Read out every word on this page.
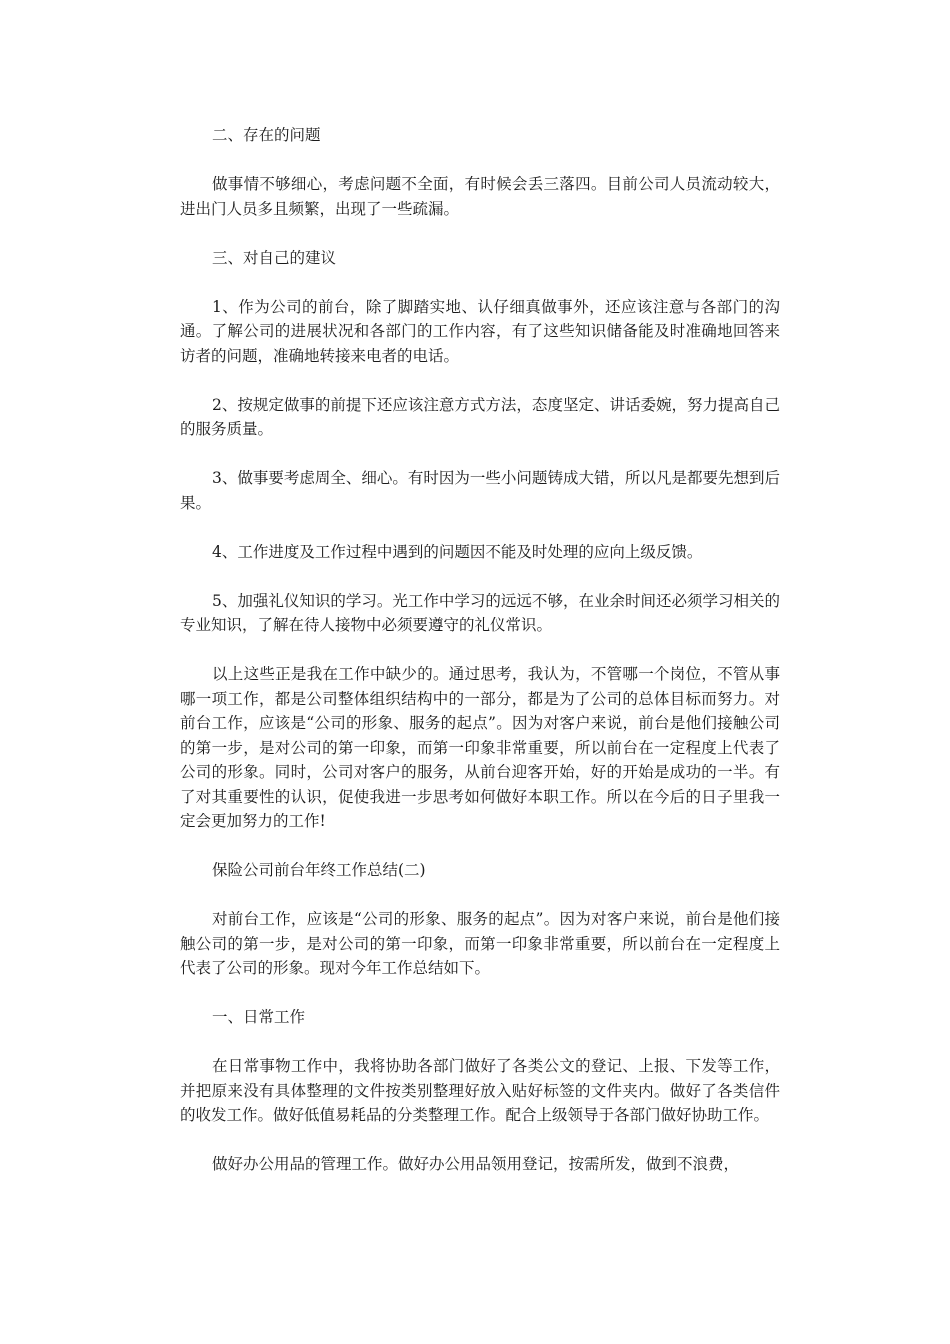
二、存在的问题

做事情不够细心，考虑问题不全面，有时候会丢三落四。目前公司人员流动较大，进出门人员多且频繁，出现了一些疏漏。

三、对自己的建议

1、作为公司的前台，除了脚踏实地、认仔细真做事外，还应该注意与各部门的沟通。了解公司的进展状况和各部门的工作内容，有了这些知识储备能及时准确地回答来访者的问题，准确地转接来电者的电话。

2、按规定做事的前提下还应该注意方式方法，态度坚定、讲话委婉，努力提高自己的服务质量。

3、做事要考虑周全、细心。有时因为一些小问题铸成大错，所以凡是都要先想到后果。

4、工作进度及工作过程中遇到的问题因不能及时处理的应向上级反馈。

5、加强礼仪知识的学习。光工作中学习的远远不够，在业余时间还必须学习相关的专业知识，了解在待人接物中必须要遵守的礼仪常识。

以上这些正是我在工作中缺少的。通过思考，我认为，不管哪一个岗位，不管从事哪一项工作，都是公司整体组织结构中的一部分，都是为了公司的总体目标而努力。对前台工作，应该是“公司的形象、服务的起点”。因为对客户来说，前台是他们接触公司的第一步，是对公司的第一印象，而第一印象非常重要，所以前台在一定程度上代表了公司的形象。同时，公司对客户的服务，从前台迎客开始，好的开始是成功的一半。有了对其重要性的认识，促使我进一步思考如何做好本职工作。所以在今后的日子里我一定会更加努力的工作!

保险公司前台年终工作总结(二)

对前台工作，应该是“公司的形象、服务的起点”。因为对客户来说，前台是他们接触公司的第一步，是对公司的第一印象，而第一印象非常重要，所以前台在一定程度上代表了公司的形象。现对今年工作总结如下。

一、日常工作

在日常事物工作中，我将协助各部门做好了各类公文的登记、上报、下发等工作，并把原来没有具体整理的文件按类别整理好放入贴好标签的文件夹内。做好了各类信件的收发工作。做好低值易耗品的分类整理工作。配合上级领导于各部门做好协助工作。

做好办公用品的管理工作。做好办公用品领用登记，按需所发，做到不浪费，
